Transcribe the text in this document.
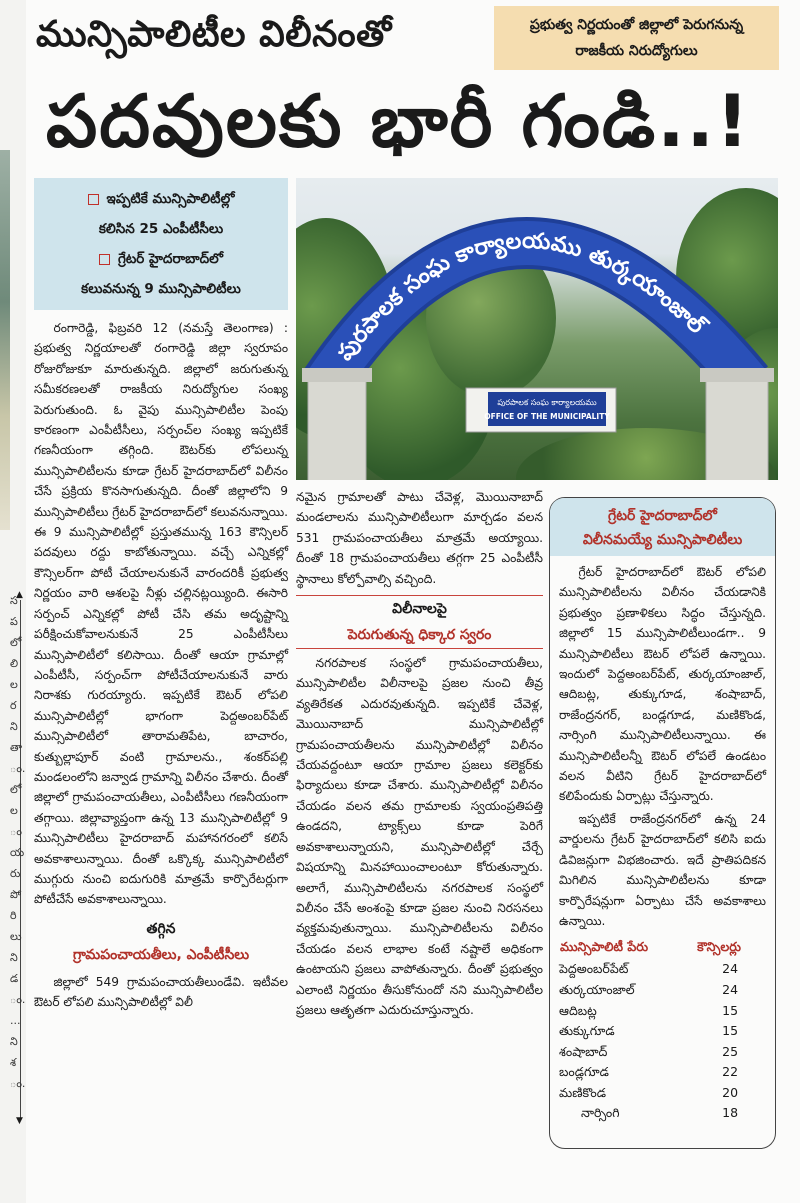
▲
▼
స
ప
లో
లి
ల
ర
ని
తా
ం.
లో
ల
ం
య
రు
పో
రి
లు
ని
డ
ం.
...
ని
శ
ం.
మున్సిపాలిటీల విలీనంతో	ప్రభుత్వ నిర్ణయంతో జిల్లాలో పెరుగనున్న
రాజకీయ నిరుద్యోగులు
పదవులకు భారీ గండి..!
ఇప్పటికే మున్సిపాలిటీల్లో
కలిసిన 25 ఎంపీటీసీలు
గ్రేటర్ హైదరాబాద్‌లో
కలువనున్న 9 మున్సిపాలిటీలు
పురపాలక సంఘ కార్యాలయము తుర్కయాంజాల్
పురపాలక సంఘ కార్యాలయము
OFFICE OF THE MUNICIPALITY

రంగారెడ్డి, ఫిబ్రవరి 12 (నమస్తే తెలంగాణ) : ప్రభుత్వ నిర్ణయాలతో రంగారెడ్డి జిల్లా స్వరూపం రోజురోజుకూ మారుతున్నది. జిల్లాలో జరుగుతున్న సమీకరణలతో రాజకీయ నిరుద్యోగుల సంఖ్య పెరుగుతుంది. ఓ వైపు మున్సిపాలిటీల పెంపు కారణంగా ఎంపీటీసీలు, సర్పంచ్‌ల సంఖ్య ఇప్పటికే గణనీయంగా తగ్గింది. ఔటర్‌కు లోపలున్న మున్సిపాలిటీలను కూడా గ్రేటర్ హైదరాబాద్‌లో విలీనం చేసే ప్రక్రియ కొనసాగుతున్నది. దీంతో జిల్లాలోని 9 మున్సిపాలిటీలు గ్రేటర్ హైదరాబాద్‌లో కలువనున్నాయి. ఈ 9 మున్సిపాలిటీల్లో ప్రస్తుతమున్న 163 కౌన్సిలర్ పదవులు రద్దు కాబోతున్నాయి. వచ్చే ఎన్నికల్లో కౌన్సిలర్‌గా పోటీ చేయాలనుకునే వారందరికీ ప్రభుత్వ నిర్ణయం వారి ఆశలపై నీళ్లు చల్లినట్లయ్యింది. ఈసారి సర్పంచ్ ఎన్నికల్లో పోటీ చేసి తమ అదృష్టాన్ని పరీక్షించుకోవాలనుకునే 25 ఎంపీటీసీలు మున్సిపాలిటీలో కలిసాయి. దీంతో ఆయా గ్రామాల్లో ఎంపీటీసీ, సర్పంచ్‌గా పోటీచేయాలనుకునే వారు నిరాశకు గురయ్యారు. ఇప్పటికే ఔటర్ లోపలి మున్సిపాలిటీల్లో భాగంగా పెద్దఅంబర్‌పేట్ మున్సిపాలిటీలో తారామతిపేట, బాచారం, కుత్బుల్లాపూర్ వంటి గ్రామాలను., శంకర్‌పల్లి మండలంలోని జన్వాడ గ్రామాన్ని విలీనం చేశారు. దీంతో జిల్లాలో గ్రామపంచాయతీలు, ఎంపీటీసీలు గణనీయంగా తగ్గాయి. జిల్లావ్యాప్తంగా ఉన్న 13 మున్సిపాలిటీల్లో 9 మున్సిపాలిటీలు హైదరాబాద్ మహానగరంలో కలిసే అవకాశాలున్నాయి. దీంతో ఒక్కొక్క మున్సిపాలిటీలో ముగ్గురు నుంచి ఐదుగురికి మాత్రమే కార్పొరేటర్లుగా పోటీచేసే అవకాశాలున్నాయి.

తగ్గిన
గ్రామపంచాయతీలు, ఎంపీటీసీలు

జిల్లాలో 549 గ్రామపంచాయతీలుండేవి. ఇటీవల ఔటర్ లోపలి మున్సిపాలిటీల్లో విలీ

నమైన గ్రామాలతో పాటు చేవెళ్ల, మొయినాబాద్ మండలాలను మున్సిపాలిటీలుగా మార్చడం వలన 531 గ్రామపంచాయతీలు మాత్రమే అయ్యాయి. దీంతో 18 గ్రామపంచాయతీలు తగ్గగా 25 ఎంపీటీసీ స్థానాలు కోల్పోవాల్సి వచ్చింది.

విలీనాలపై
పెరుగుతున్న ధిక్కార స్వరం

నగరపాలక సంస్థలో గ్రామపంచాయతీలు, మున్సిపాలిటీల విలీనాలపై ప్రజల నుంచి తీవ్ర వ్యతిరేకత ఎదురవుతున్నది. ఇప్పటికే చేవెళ్ల, మొయినాబాద్ మున్సిపాలిటీల్లో గ్రామపంచాయతీలను మున్సిపాలిటీల్లో విలీనం చేయవద్దంటూ ఆయా గ్రామాల ప్రజలు కలెక్టర్‌కు ఫిర్యాదులు కూడా చేశారు. మున్సిపాలిటీల్లో విలీనం చేయడం వలన తమ గ్రామాలకు స్వయంప్రతిపత్తి ఉండదని, ట్యాక్స్‌లు కూడా పెరిగే అవకాశాలున్నాయని, మున్సిపాలిటీల్లో చేర్చే విషయాన్ని మినహాయించాలంటూ కోరుతున్నారు. అలాగే, మున్సిపాలిటీలను నగరపాలక సంస్థలో విలీనం చేసే అంశంపై కూడా ప్రజల నుంచి నిరసనలు వ్యక్తమవుతున్నాయి. మున్సిపాలిటీలను విలీనం చేయడం వలన లాభాల కంటే నష్టాలే అధికంగా ఉంటాయని ప్రజలు వాపోతున్నారు. దీంతో ప్రభుత్వం ఎలాంటి నిర్ణయం తీసుకోనుందో నని మున్సిపాలిటీల ప్రజలు ఆతృతగా ఎదురుచూస్తున్నారు.

గ్రేటర్ హైదరాబాద్‌లో
విలీనమయ్యే మున్సిపాలిటీలు

గ్రేటర్ హైదరాబాద్‌లో ఔటర్ లోపలి మున్సిపాలిటీలను విలీనం చేయడానికి ప్రభుత్వం ప్రణాళికలు సిద్ధం చేస్తున్నది. జిల్లాలో 15 మున్సిపాలిటీలుండగా.. 9 మున్సిపాలిటీలు ఔటర్ లోపలే ఉన్నాయి. ఇందులో పెద్దఅంబర్‌పేట్, తుర్కయాంజాల్, ఆదిబట్ల, తుక్కుగూడ, శంషాబాద్, రాజేంద్రనగర్, బండ్లగూడ, మణికొండ, నార్సింగి మున్సిపాలిటీలున్నాయి. ఈ మున్సిపాలిటీలన్నీ ఔటర్ లోపలే ఉండటం వలన వీటిని గ్రేటర్ హైదరాబాద్‌లో కలిపేందుకు ఏర్పాట్లు చేస్తున్నారు.

ఇప్పటికే రాజేంద్రనగర్‌లో ఉన్న 24 వార్డులను గ్రేటర్ హైదరాబాద్‌లో కలిసి ఐదు డివిజన్లుగా విభజించారు. ఇదే ప్రాతిపదికన మిగిలిన మున్సిపాలిటీలను కూడా కార్పొరేషన్లుగా ఏర్పాటు చేసే అవకాశాలు ఉన్నాయి.

మున్సిపాలిటీ పేరు	కౌన్సిలర్లు
పెద్దఅంబర్‌పేట్	24
తుర్కయాంజాల్	24
ఆదిబట్ల	15
తుక్కుగూడ	15
శంషాబాద్	25
బండ్లగూడ	22
మణికొండ	20
నార్సింగి	18
